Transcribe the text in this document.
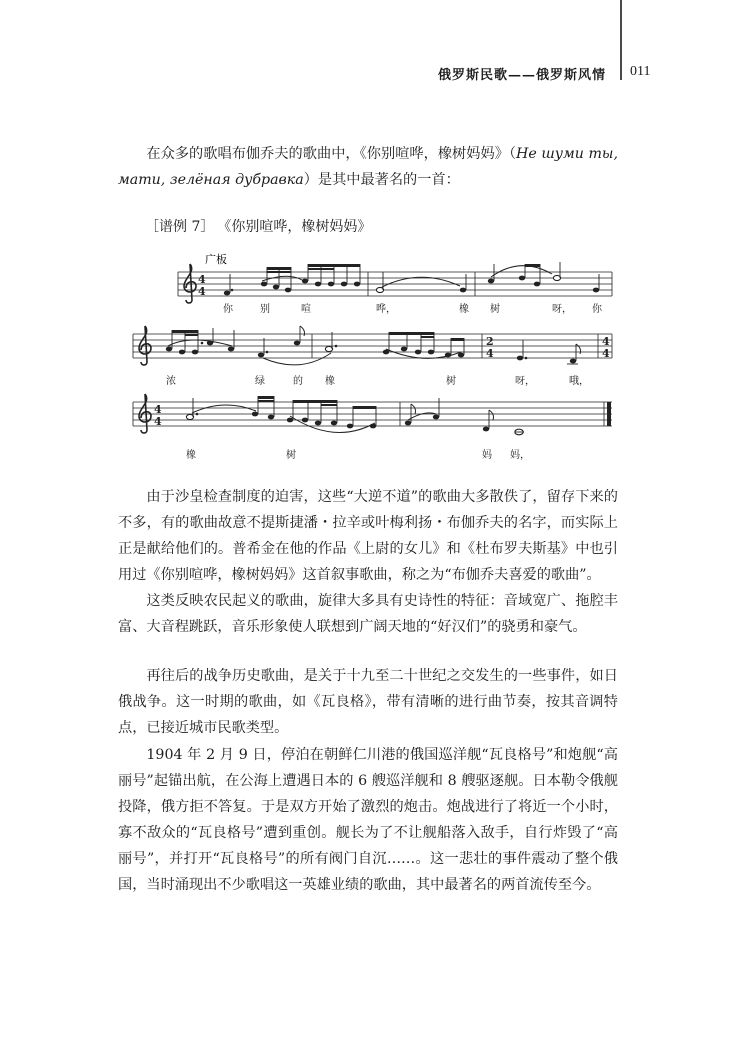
俄罗斯民歌——俄罗斯风情 011

在众多的歌唱布伽乔夫的歌曲中，《你别喧哗，橡树妈妈》（Не шуми ты, мати, зелёная дубравка）是其中最著名的一首：

［谱例 7］ 《你别喧哗，橡树妈妈》
4
4
2
4
4
4
4
4
广板
你	别	喧	哗，	橡 树	呀， 你
浓	绿	的 橡	树	呀，	哦，
橡	树	妈 妈，

由于沙皇检查制度的迫害，这些“大逆不道”的歌曲大多散佚了，留存下来的不多，有的歌曲故意不提斯捷潘・拉辛或叶梅利扬・布伽乔夫的名字，而实际上正是献给他们的。普希金在他的作品《上尉的女儿》和《杜布罗夫斯基》中也引用过《你别喧哗，橡树妈妈》这首叙事歌曲，称之为“布伽乔夫喜爱的歌曲”。

这类反映农民起义的歌曲，旋律大多具有史诗性的特征：音域宽广、拖腔丰富、大音程跳跃，音乐形象使人联想到广阔天地的“好汉们”的骁勇和豪气。

再往后的战争历史歌曲，是关于十九至二十世纪之交发生的一些事件，如日俄战争。这一时期的歌曲，如《瓦良格》，带有清晰的进行曲节奏，按其音调特点，已接近城市民歌类型。

1904 年 2 月 9 日，停泊在朝鲜仁川港的俄国巡洋舰“瓦良格号”和炮舰“高丽号”起锚出航，在公海上遭遇日本的 6 艘巡洋舰和 8 艘驱逐舰。日本勒令俄舰投降，俄方拒不答复。于是双方开始了激烈的炮击。炮战进行了将近一个小时，寡不敌众的“瓦良格号”遭到重创。舰长为了不让舰船落入敌手，自行炸毁了“高丽号”，并打开“瓦良格号”的所有阀门自沉……。这一悲壮的事件震动了整个俄国，当时涌现出不少歌唱这一英雄业绩的歌曲，其中最著名的两首流传至今。
